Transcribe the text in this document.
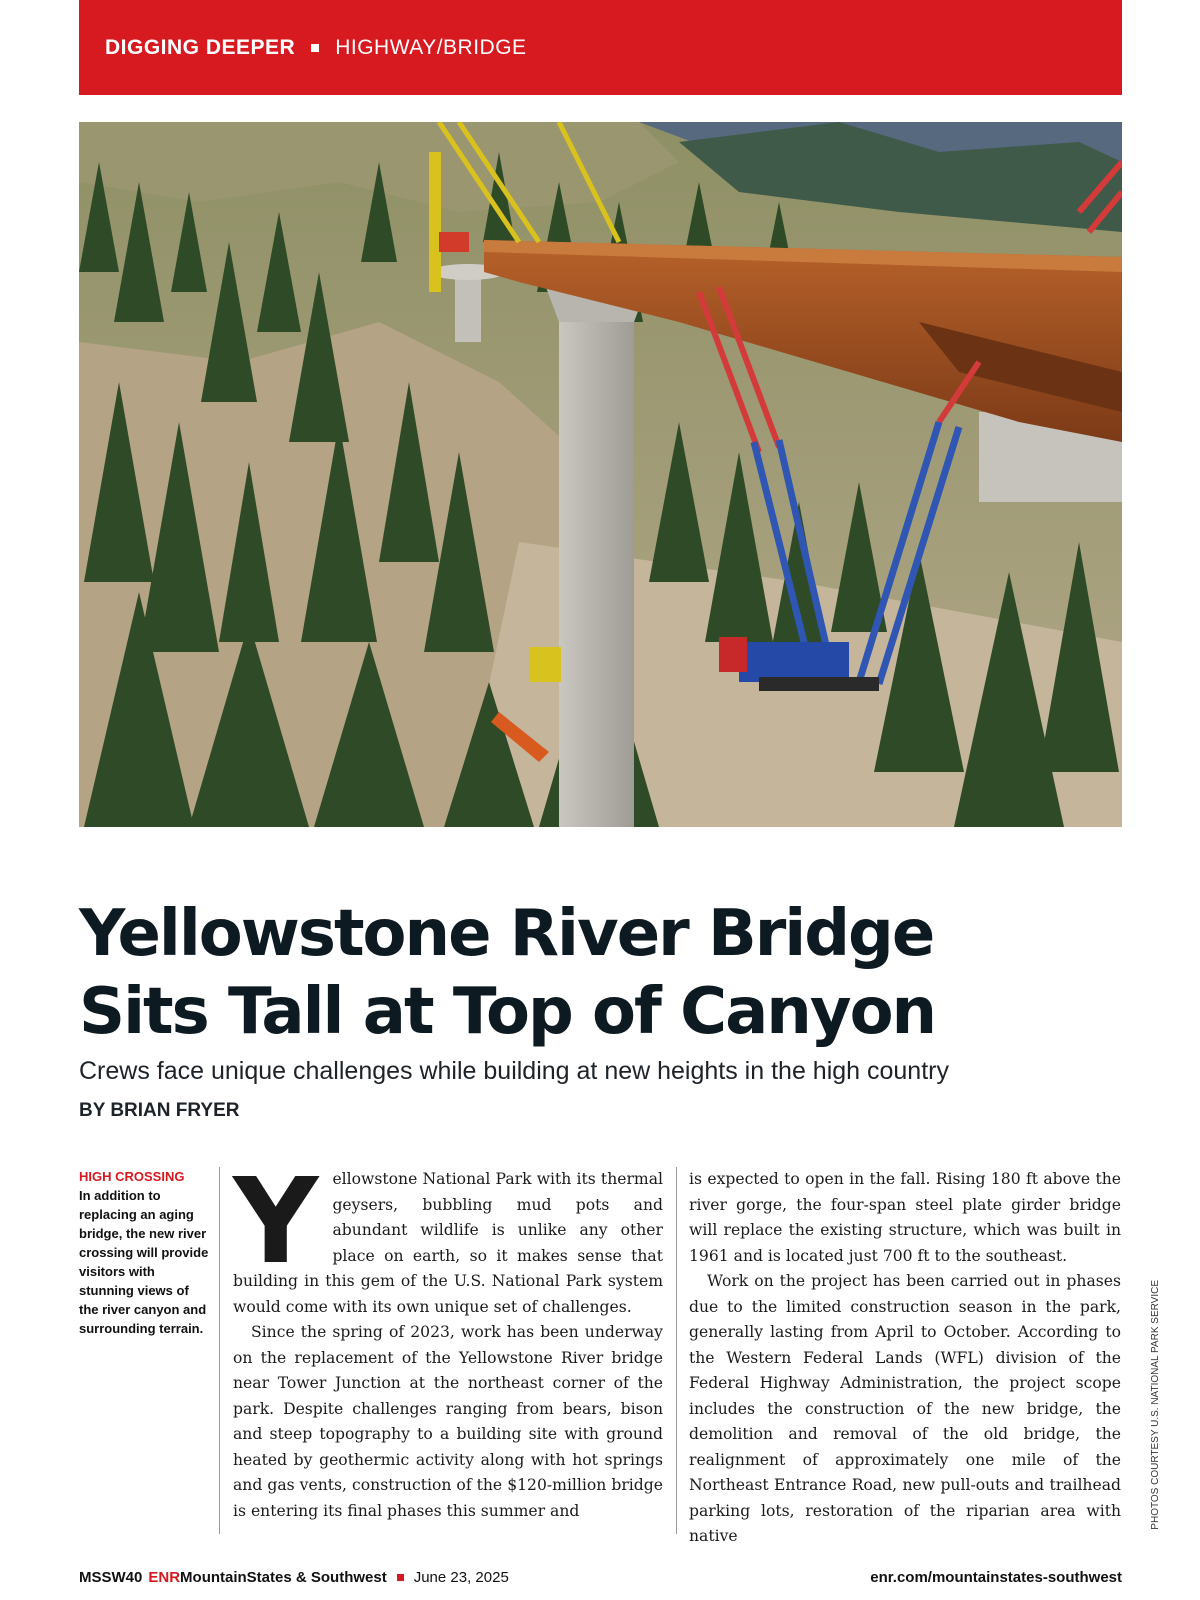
DIGGING DEEPER HIGHWAY/BRIDGE
Yellowstone River Bridge
Sits Tall at Top of Canyon
Crews face unique challenges while building at new heights in the high country
BY BRIAN FRYER
HIGH CROSSING
In addition to replacing an aging bridge, the new river crossing will provide visitors with stunning views of the river canyon and surrounding terrain.

Yellowstone National Park with its thermal geysers, bubbling mud pots and abundant wildlife is unlike any other place on earth, so it makes sense that building in this gem of the U.S. National Park system would come with its own unique set of challenges.

Since the spring of 2023, work has been underway on the replacement of the Yellowstone River bridge near Tower Junction at the northeast corner of the park. Despite challenges ranging from bears, bison and steep topography to a building site with ground heated by geothermic activity along with hot springs and gas vents, construction of the $120-million bridge is entering its final phases this summer and

is expected to open in the fall. Rising 180 ft above the river gorge, the four-span steel plate girder bridge will replace the existing structure, which was built in 1961 and is located just 700 ft to the southeast.

Work on the project has been carried out in phases due to the limited construction season in the park, generally lasting from April to October. According to the Western Federal Lands (WFL) division of the Federal Highway Administration, the project scope includes the construction of the new bridge, the demolition and removal of the old bridge, the realignment of approximately one mile of the Northeast Entrance Road, new pull-outs and trailhead parking lots, restoration of the riparian area with native

PHOTOS COURTESY U.S. NATIONAL PARK SERVICE
MSSW40 ENR MountainStates & Southwest June 23, 2025	enr.com/mountainstates-southwest
